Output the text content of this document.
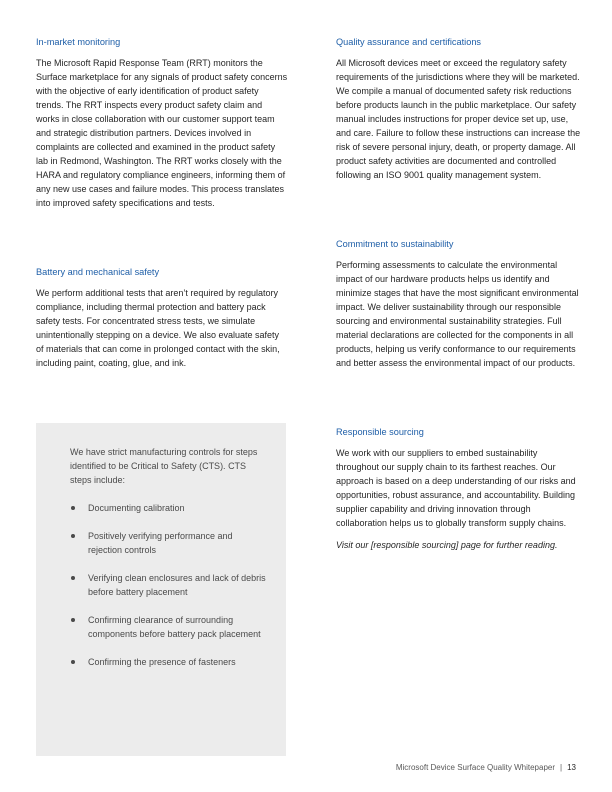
In-market monitoring

The Microsoft Rapid Response Team (RRT) monitors the Surface marketplace for any signals of product safety concerns with the objective of early identification of product safety trends. The RRT inspects every product safety claim and works in close collaboration with our customer support team and strategic distribution partners. Devices involved in complaints are collected and examined in the product safety lab in Redmond, Washington. The RRT works closely with the HARA and regulatory compliance engineers, informing them of any new use cases and failure modes. This process translates into improved safety specifications and tests.

Battery and mechanical safety

We perform additional tests that aren’t required by regulatory compliance, including thermal protection and battery pack safety tests. For concentrated stress tests, we simulate unintentionally stepping on a device. We also evaluate safety of materials that can come in prolonged contact with the skin, including paint, coating, glue, and ink.

We have strict manufacturing controls for steps identified to be Critical to Safety (CTS). CTS steps include:

Documenting calibration
Positively verifying performance and rejection controls
Verifying clean enclosures and lack of debris before battery placement
Confirming clearance of surrounding components before battery pack placement
Confirming the presence of fasteners
Quality assurance and certifications

All Microsoft devices meet or exceed the regulatory safety requirements of the jurisdictions where they will be marketed. We compile a manual of documented safety risk reductions before products launch in the public marketplace. Our safety manual includes instructions for proper device set up, use, and care. Failure to follow these instructions can increase the risk of severe personal injury, death, or property damage. All product safety activities are documented and controlled following an ISO 9001 quality management system.

Commitment to sustainability

Performing assessments to calculate the environmental impact of our hardware products helps us identify and minimize stages that have the most significant environmental impact. We deliver sustainability through our responsible sourcing and environmental sustainability strategies. Full material declarations are collected for the components in all products, helping us verify conformance to our requirements and better assess the environmental impact of our products.

Responsible sourcing

We work with our suppliers to embed sustainability throughout our supply chain to its farthest reaches. Our approach is based on a deep understanding of our risks and opportunities, robust assurance, and accountability. Building supplier capability and driving innovation through collaboration helps us to globally transform supply chains.

Visit our [responsible sourcing] page for further reading.

Microsoft Device Surface Quality Whitepaper | 13
